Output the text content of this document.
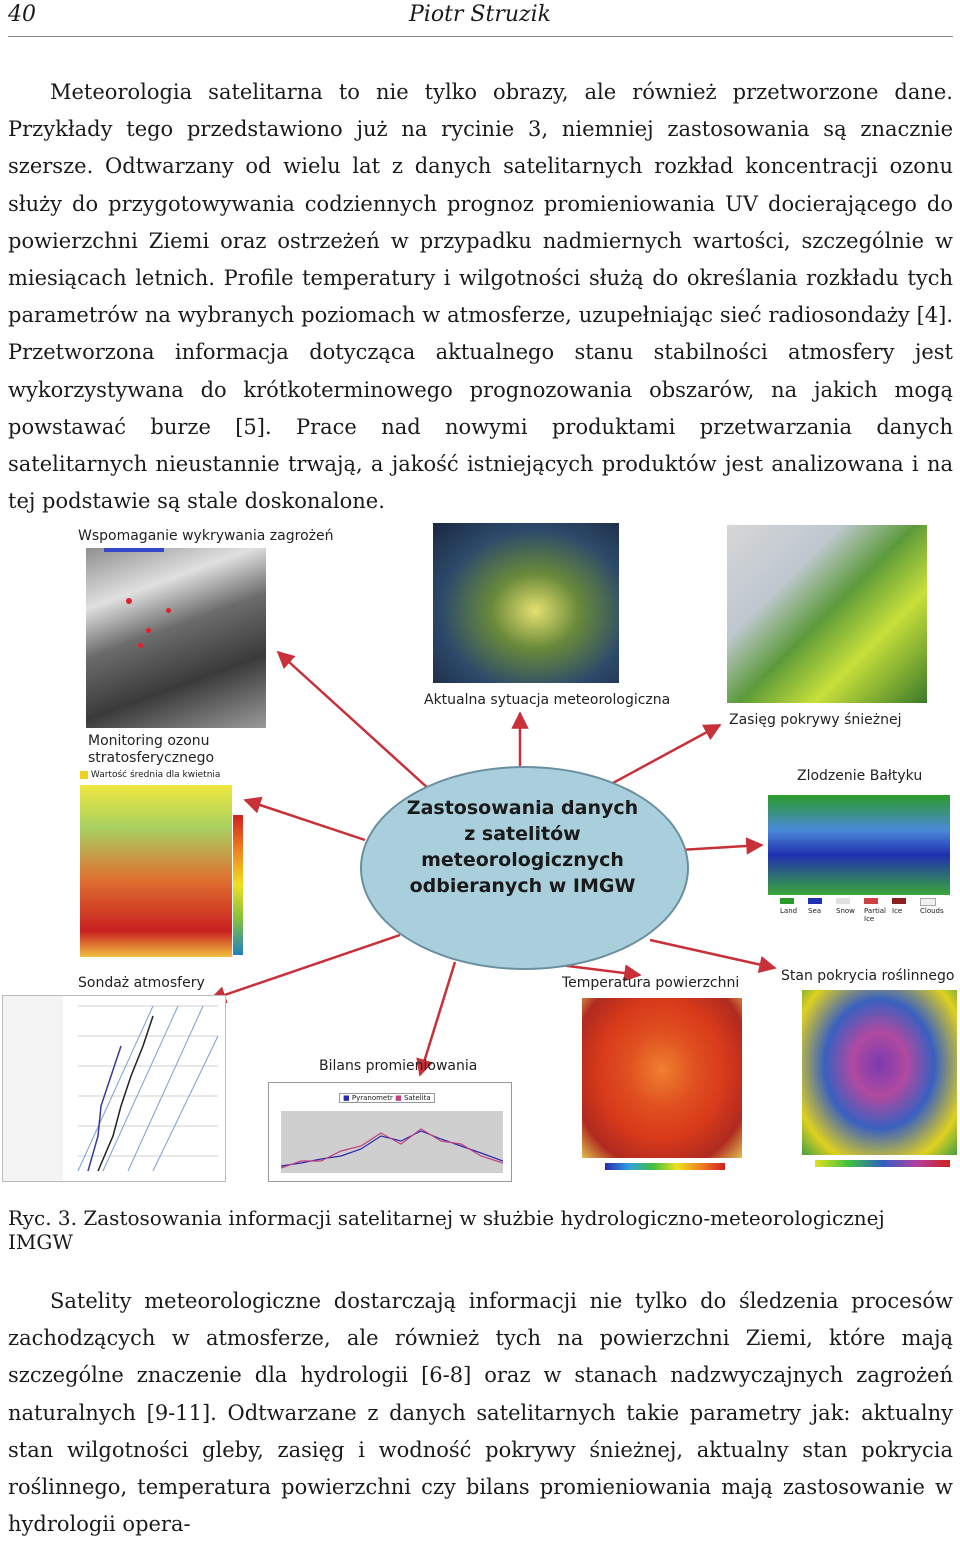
40	Piotr Struzik

Meteorologia satelitarna to nie tylko obrazy, ale również przetworzone dane. Przykłady tego przedstawiono już na rycinie 3, niemniej zastosowania są znacznie szersze. Odtwarzany od wielu lat z danych satelitarnych rozkład koncentracji ozonu służy do przygotowywania codziennych prognoz promieniowania UV docierającego do powierzchni Ziemi oraz ostrzeżeń w przypadku nadmiernych wartości, szczególnie w miesiącach letnich. Profile temperatury i wilgotności służą do określania rozkładu tych parametrów na wybranych poziomach w atmosferze, uzupełniając sieć radiosondaży [4]. Przetworzona informacja dotycząca aktualnego stanu stabilności atmosfery jest wykorzystywana do krótkoterminowego prognozowania obszarów, na jakich mogą powstawać burze [5]. Prace nad nowymi produktami przetwarzania danych satelitarnych nieustannie trwają, a jakość istniejących produktów jest analizowana i na tej podstawie są stale doskonalone.

Wspomaganie wykrywania zagrożeń
Aktualna sytuacja meteorologiczna
Zasięg pokrywy śnieżnej
Monitoring ozonu stratosferycznego
Wartość średnia dla kwietnia
Zastosowania danych
z satelitów
meteorologicznych
odbieranych w IMGW
Zlodzenie Bałtyku
Land Sea Snow Partial Ice
Ice	Clouds
Sondaż atmosfery
Bilans promieniowania
■ Pyranometr ■ Satelita
Temperatura powierzchni	Stan pokrycia roślinnego
Ryc. 3. Zastosowania informacji satelitarnej w służbie hydrologiczno-meteorologicznej IMGW

Satelity meteorologiczne dostarczają informacji nie tylko do śledzenia procesów zachodzących w atmosferze, ale również tych na powierzchni Ziemi, które mają szczególne znaczenie dla hydrologii [6-8] oraz w stanach nadzwyczajnych zagrożeń naturalnych [9-11]. Odtwarzane z danych satelitarnych takie parametry jak: aktualny stan wilgotności gleby, zasięg i wodność pokrywy śnieżnej, aktualny stan pokrycia roślinnego, temperatura powierzchni czy bilans promieniowania mają zastosowanie w hydrologii opera-
